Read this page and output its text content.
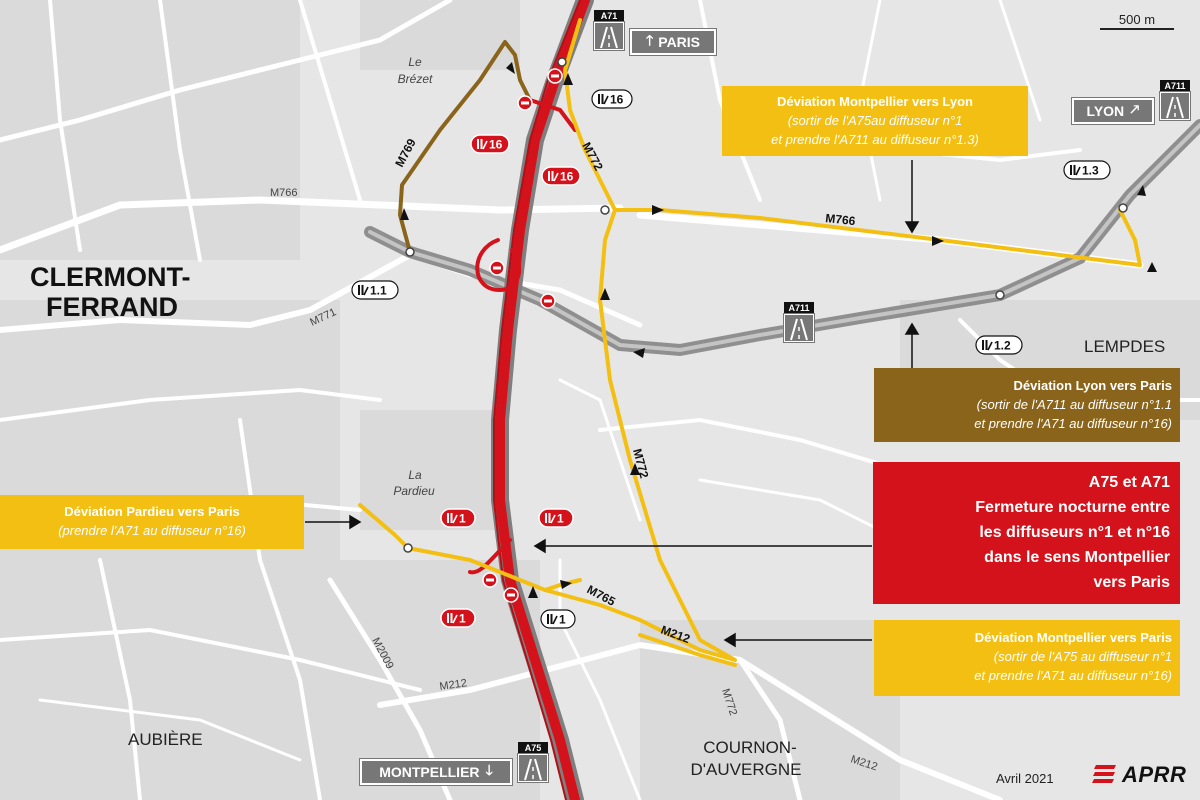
M766
M771
M2009
M212
M212
M772
M769	M772
M766
M772
M765
M212
16
1.1
1.2
1.3
1
16
16
1	1
1
CLERMONT-
FERRAND
Le
Brézet
La
Pardieu
LEMPDES
AUBIÈRE	COURNON-
D'AUVERGNE
A71
🡑 PARIS
A711
LYON 🡕
A711
A75
MONTPELLIER 🡓
Déviation Montpellier vers Lyon
(sortir de l'A75au diffuseur n°1
et prendre l'A711 au diffuseur n°1.3)
Déviation Lyon vers Paris
(sortir de l'A711 au diffuseur n°1.1
et prendre l'A71 au diffuseur n°16)
A75 et A71
Fermeture nocturne entre
les diffuseurs n°1 et n°16
dans le sens Montpellier
vers Paris
Déviation Pardieu vers Paris
(prendre l'A71 au diffuseur n°16)
Déviation Montpellier vers Paris
(sortir de l'A75 au diffuseur n°1
et prendre l'A71 au diffuseur n°16)
500 m
Avril 2021	APRR
